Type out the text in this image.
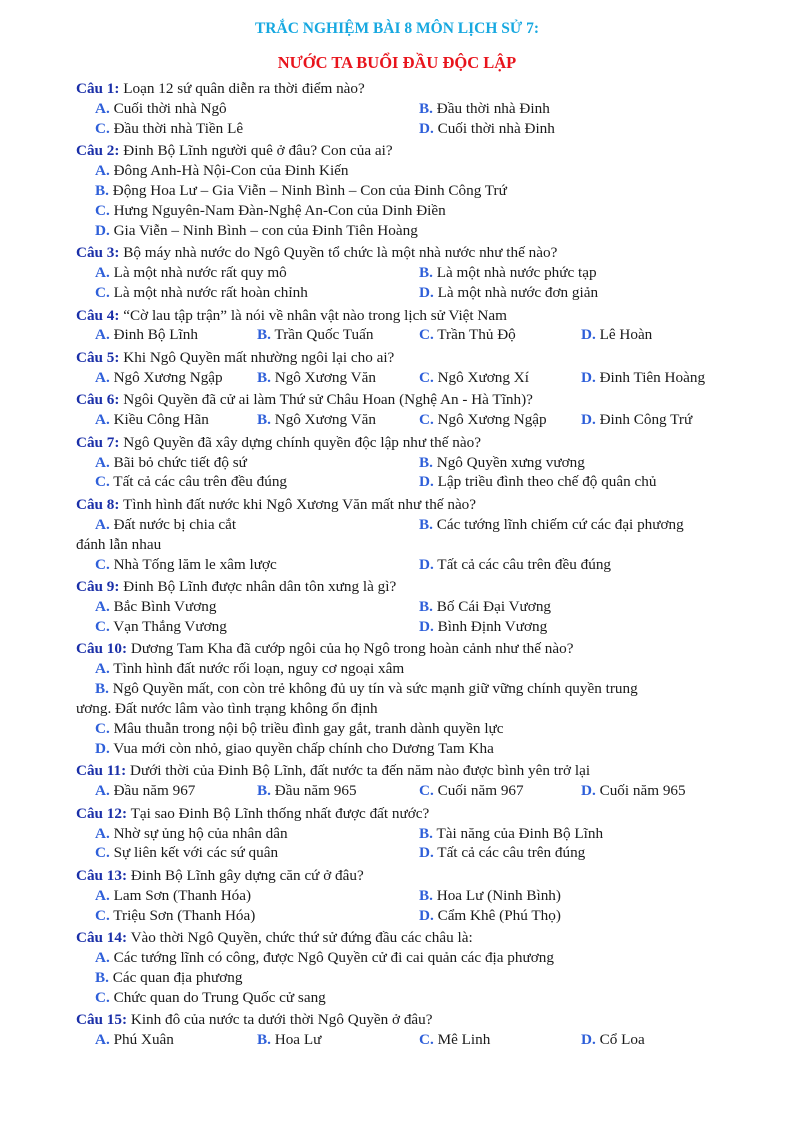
TRẮC NGHIỆM BÀI 8 MÔN LỊCH SỬ 7:
NƯỚC TA BUỔI ĐẦU ĐỘC LẬP
Câu 1: Loạn 12 sứ quân diễn ra thời điểm nào?
A. Cuối thời nhà Ngô	B. Đầu thời nhà Đinh
C. Đầu thời nhà Tiền Lê	D. Cuối thời nhà Đinh
Câu 2: Đinh Bộ Lĩnh người quê ở đâu? Con của ai?
A. Đông Anh-Hà Nội-Con của Đinh Kiến
B. Động Hoa Lư – Gia Viễn – Ninh Bình – Con của Đinh Công Trứ
C. Hưng Nguyên-Nam Đàn-Nghệ An-Con của Dinh Điền
D. Gia Viễn – Ninh Bình – con của Đinh Tiên Hoàng
Câu 3: Bộ máy nhà nước do Ngô Quyền tổ chức là một nhà nước như thế nào?
A. Là một nhà nước rất quy mô	B. Là một nhà nước phức tạp
C. Là một nhà nước rất hoàn chỉnh	D. Là một nhà nước đơn giản
Câu 4: “Cờ lau tập trận” là nói về nhân vật nào trong lịch sử Việt Nam
A. Đinh Bộ Lĩnh	B. Trần Quốc Tuấn	C. Trần Thủ Độ	D. Lê Hoàn
Câu 5: Khi Ngô Quyền mất nhường ngôi lại cho ai?
A. Ngô Xương Ngập B. Ngô Xương Văn	C. Ngô Xương Xí	D. Đinh Tiên Hoàng
Câu 6: Ngôi Quyền đã cử ai làm Thứ sử Châu Hoan (Nghệ An - Hà Tĩnh)?
A. Kiều Công Hãn	B. Ngô Xương Văn	C. Ngô Xương Ngập D. Đinh Công Trứ
Câu 7: Ngô Quyền đã xây dựng chính quyền độc lập như thế nào?
A. Bãi bỏ chức tiết độ sứ	B. Ngô Quyền xưng vương
C. Tất cả các câu trên đều đúng	D. Lập triều đình theo chế độ quân chủ
Câu 8: Tình hình đất nước khi Ngô Xương Văn mất như thế nào?
A. Đất nước bị chia cắt	B. Các tướng lĩnh chiếm cứ các đại phương
đánh lẫn nhau
C. Nhà Tống lăm le xâm lược	D. Tất cả các câu trên đều đúng
Câu 9: Đinh Bộ Lĩnh được nhân dân tôn xưng là gì?
A. Bắc Bình Vương	B. Bố Cái Đại Vương
C. Vạn Thắng Vương	D. Bình Định Vương
Câu 10: Dương Tam Kha đã cướp ngôi của họ Ngô trong hoàn cảnh như thế nào?
A. Tình hình đất nước rối loạn, nguy cơ ngoại xâm
B. Ngô Quyền mất, con còn trẻ không đủ uy tín và sức mạnh giữ vững chính quyền trung
ương. Đất nước lâm vào tình trạng không ổn định
C. Mâu thuẫn trong nội bộ triều đình gay gắt, tranh dành quyền lực
D. Vua mới còn nhỏ, giao quyền chấp chính cho Dương Tam Kha
Câu 11: Dưới thời của Đinh Bộ Lĩnh, đất nước ta đến năm nào được bình yên trở lại
A. Đầu năm 967	B. Đầu năm 965	C. Cuối năm 967	D. Cuối năm 965
Câu 12: Tại sao Đinh Bộ Lĩnh thống nhất được đất nước?
A. Nhờ sự ủng hộ của nhân dân	B. Tài năng của Đinh Bộ Lĩnh
C. Sự liên kết với các sứ quân	D. Tất cả các câu trên đúng
Câu 13: Đinh Bộ Lĩnh gây dựng căn cứ ở đâu?
A. Lam Sơn (Thanh Hóa)	B. Hoa Lư (Ninh Bình)
C. Triệu Sơn (Thanh Hóa)	D. Cẩm Khê (Phú Thọ)
Câu 14: Vào thời Ngô Quyền, chức thứ sử đứng đầu các châu là:
A. Các tướng lĩnh có công, được Ngô Quyền cử đi cai quản các địa phương
B. Các quan địa phương
C. Chức quan do Trung Quốc cử sang
Câu 15: Kinh đô của nước ta dưới thời Ngô Quyền ở đâu?
A. Phú Xuân	B. Hoa Lư	C. Mê Linh	D. Cổ Loa
